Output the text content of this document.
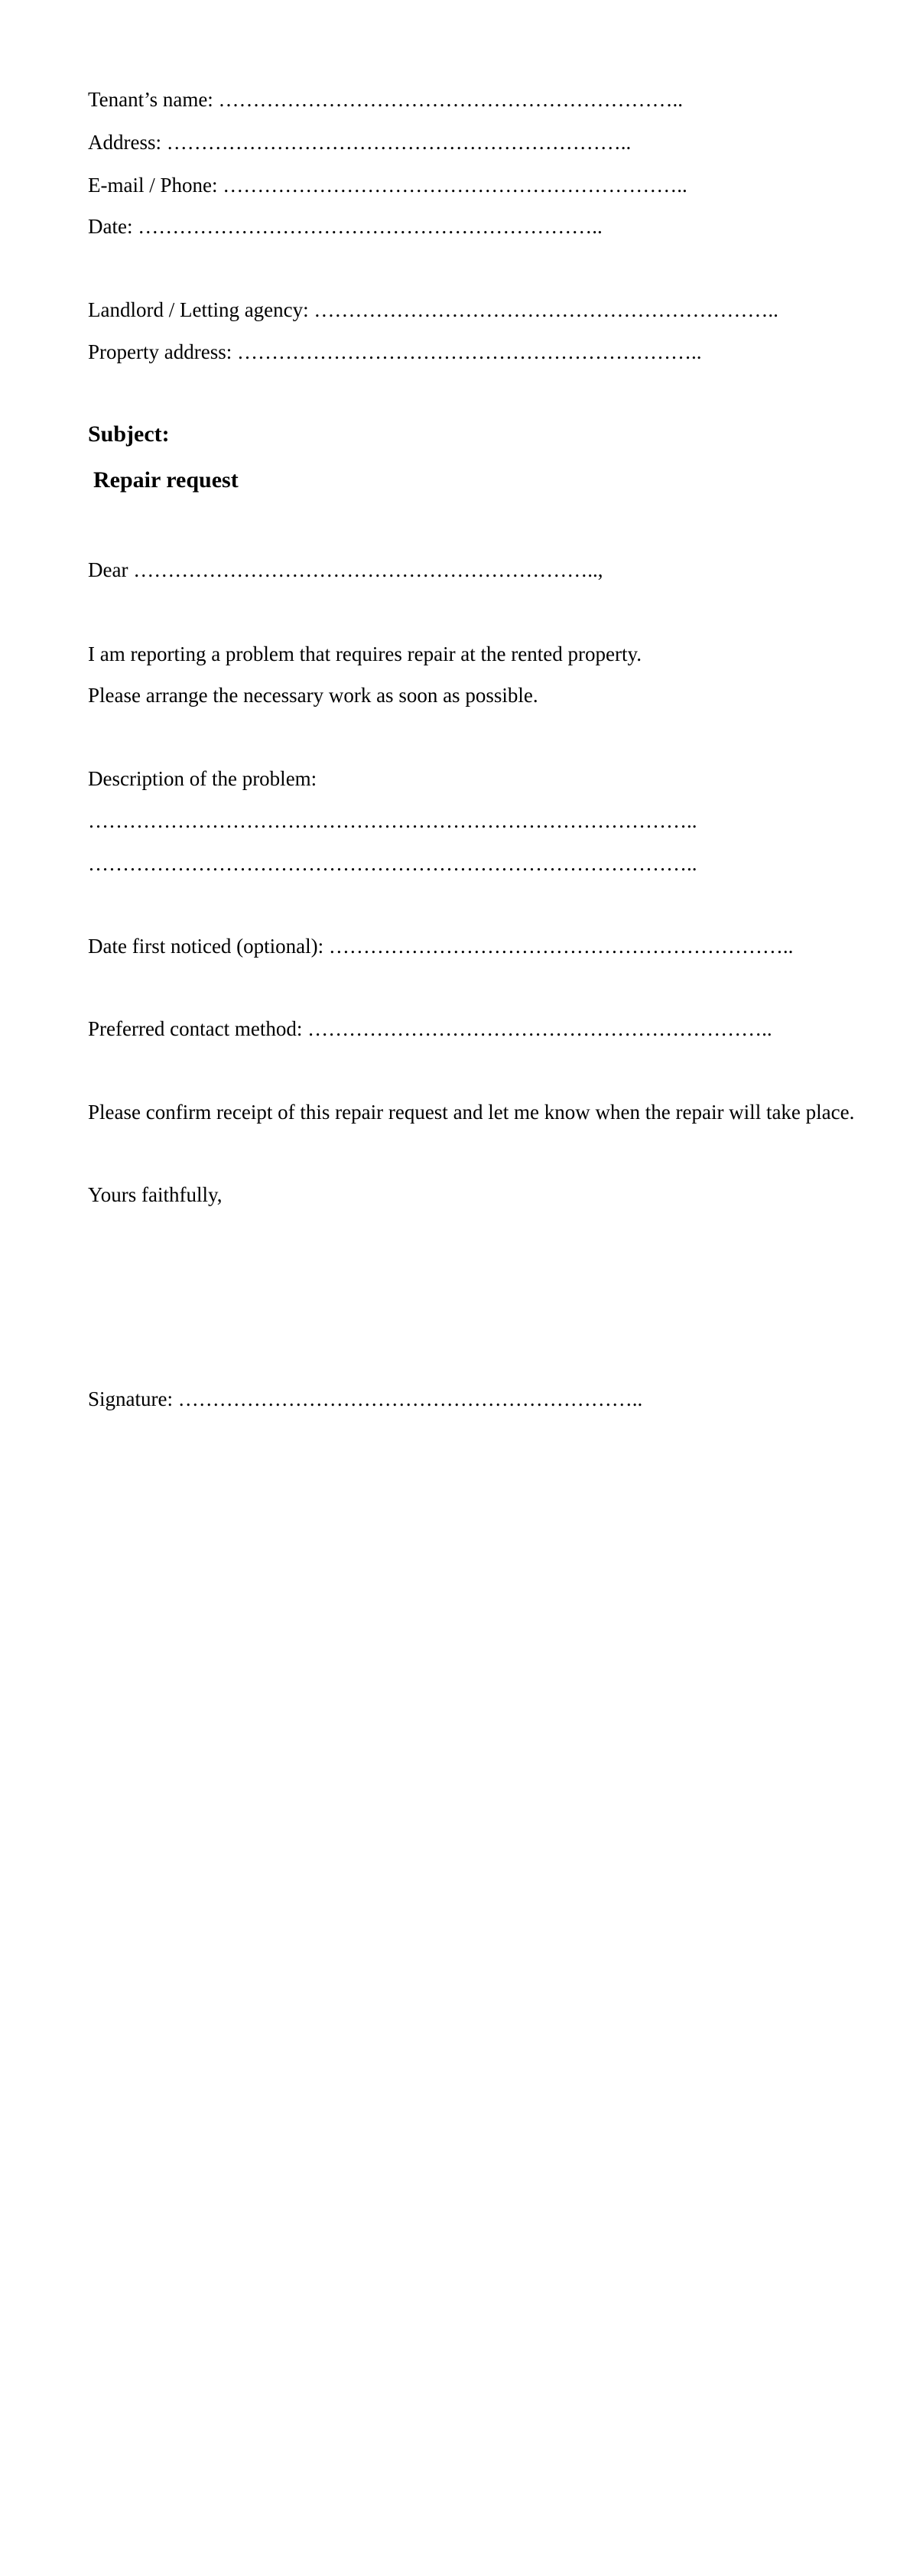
Tenant’s name: …………………………………………………………..
Address: …………………………………………………………..
E-mail / Phone: …………………………………………………………..
Date: …………………………………………………………..
Landlord / Letting agency: …………………………………………………………..
Property address: …………………………………………………………..
Subject:
Repair request
Dear …………………………………………………………..,
I am reporting a problem that requires repair at the rented property.
Please arrange the necessary work as soon as possible.
Description of the problem:
……………………………………………………………………………..
……………………………………………………………………………..
Date first noticed (optional): …………………………………………………………..
Preferred contact method: …………………………………………………………..
Please confirm receipt of this repair request and let me know when the repair will take place.
Yours faithfully,
Signature: …………………………………………………………..
